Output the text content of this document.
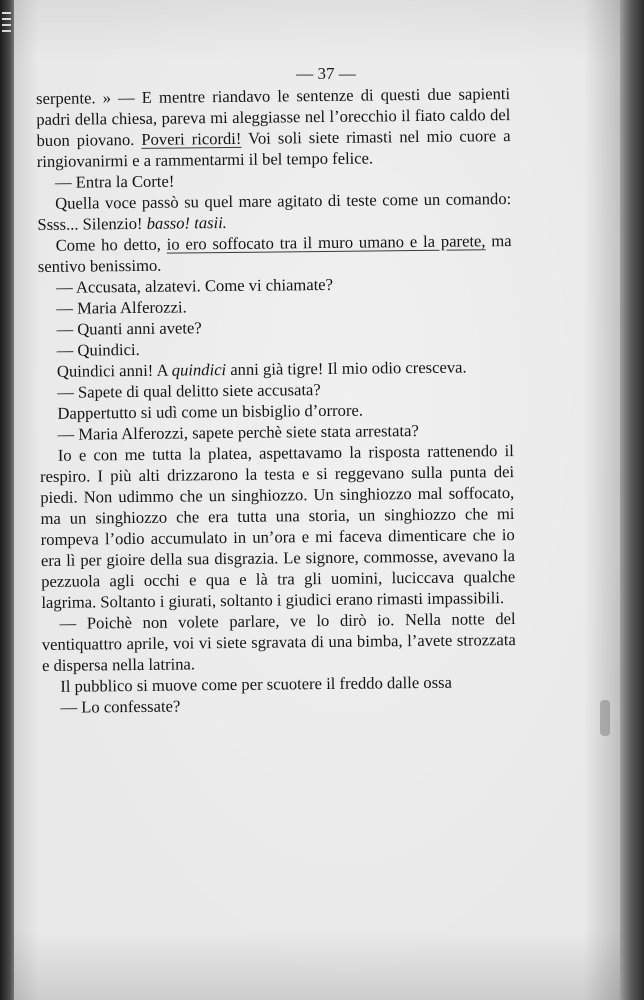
— 37 —

serpente. » — E mentre riandavo le sentenze di questi due sapienti padri della chiesa, pareva mi aleggiasse nel l’orecchio il fiato caldo del buon piovano. Poveri ricordi! Voi soli siete rimasti nel mio cuore a ringiovanirmi e a rammentarmi il bel tempo felice.

— Entra la Corte!

Quella voce passò su quel mare agitato di teste come un comando: Ssss... Silenzio! basso! tasii.

Come ho detto, io ero soffocato tra il muro umano e la parete, ma sentivo benissimo.

— Accusata, alzatevi. Come vi chiamate?

— Maria Alferozzi.

— Quanti anni avete?

— Quindici.

Quindici anni! A quindici anni già tigre! Il mio odio cresceva.

— Sapete di qual delitto siete accusata?

Dappertutto si udì come un bisbiglio d’orrore.

— Maria Alferozzi, sapete perchè siete stata arrestata?

Io e con me tutta la platea, aspettavamo la risposta rattenendo il respiro. I più alti drizzarono la testa e si reggevano sulla punta dei piedi. Non udimmo che un singhiozzo. Un singhiozzo mal soffocato, ma un singhiozzo che era tutta una storia, un singhiozzo che mi rompeva l’odio accumulato in un’ora e mi faceva dimenticare che io era lì per gioire della sua disgrazia. Le signore, commosse, avevano la pezzuola agli occhi e qua e là tra gli uomini, luciccava qualche lagrima. Soltanto i giurati, soltanto i giudici erano rimasti impassibili.

— Poichè non volete parlare, ve lo dirò io. Nella notte del ventiquattro aprile, voi vi siete sgravata di una bimba, l’avete strozzata e dispersa nella latrina.

Il pubblico si muove come per scuotere il freddo dalle ossa

— Lo confessate?
